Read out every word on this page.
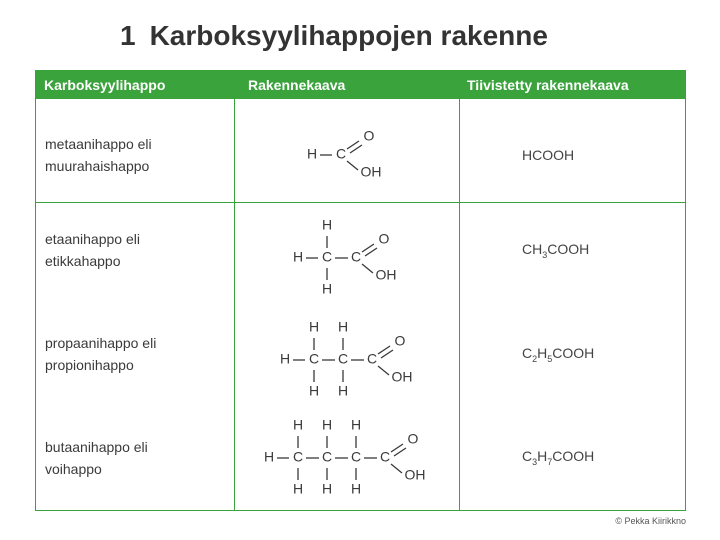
1 Karboksyylihappojen rakenne
Karboksyylihappo	Rakennekaava	Tiivistetty rakennekaava
metaanihappo eli
muurahaishappo
HCOOH
etaanihappo eli
etikkahappo
$CH_3COOH$
propaanihappo eli
propionihappo
$C_2H_5COOH$
butaanihappo eli
voihappo
$C_3H_7COOH$
H C
O
OH
H C
H
H
C
O
OH
H C
H
H
C
H
H
C
O
OH
H C
H
H
C
H
H
C
H
H
C
O
OH
© Pekka Kiirikkno
